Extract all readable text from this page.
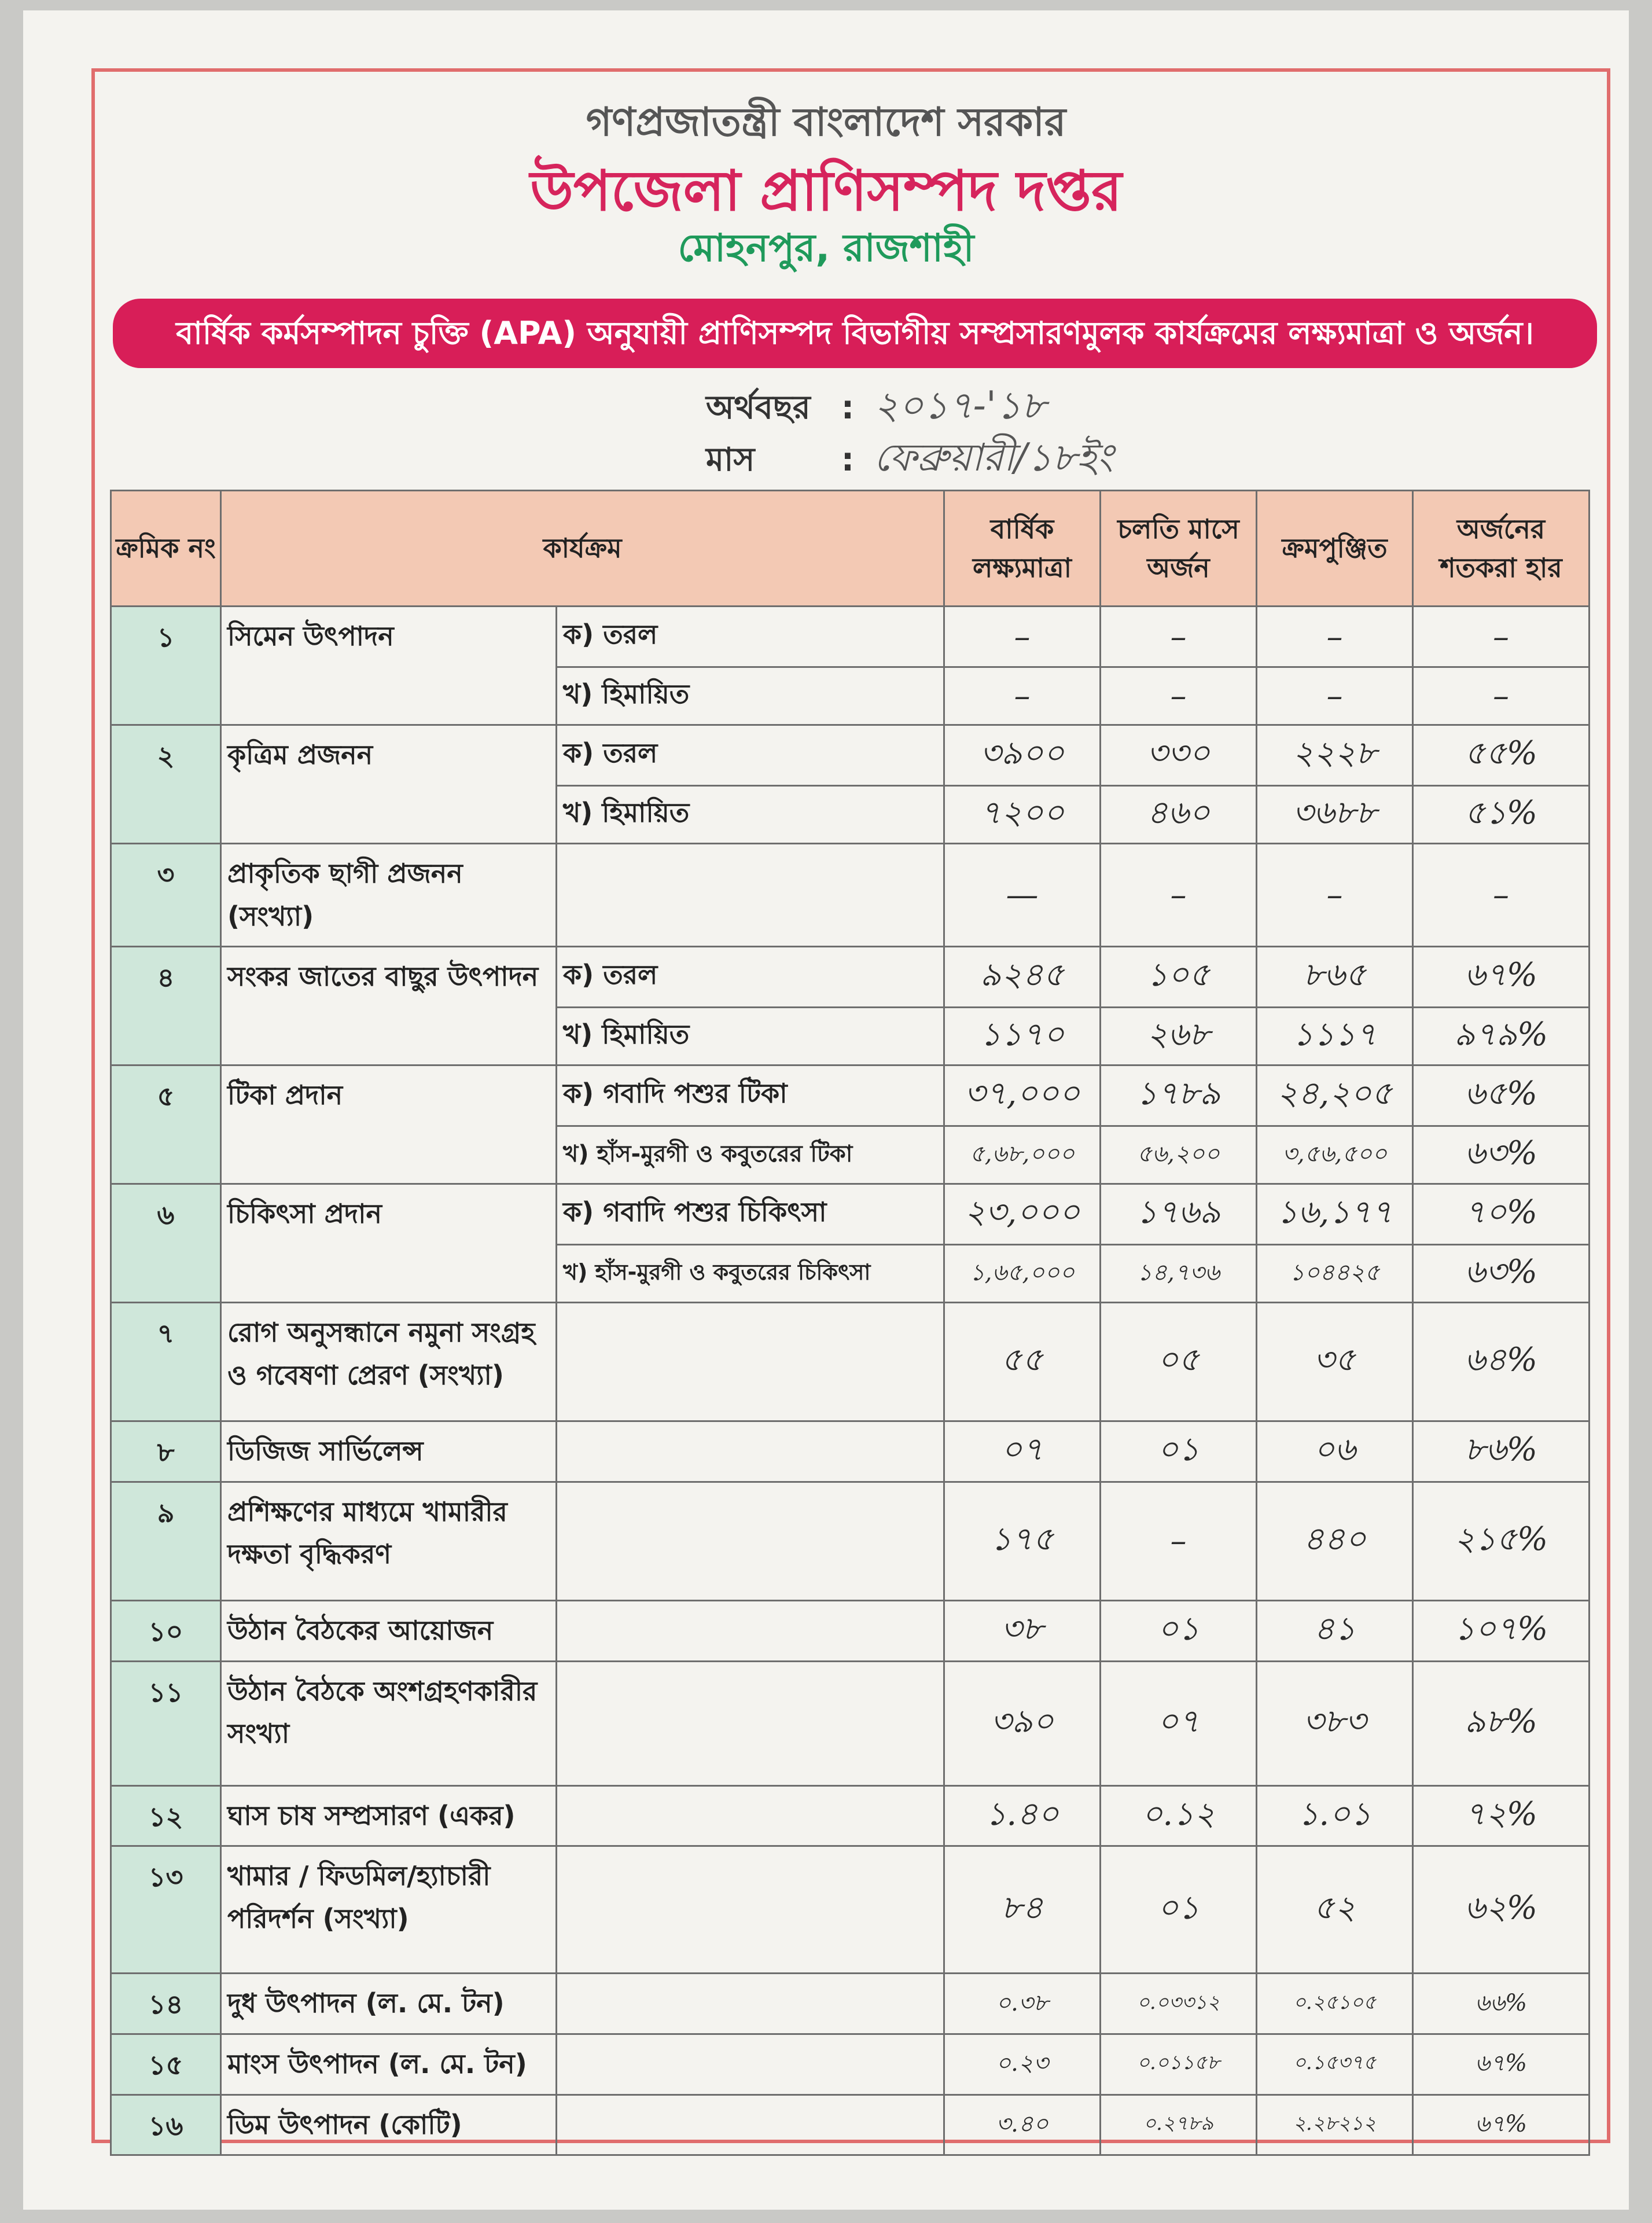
গণপ্রজাতন্ত্রী বাংলাদেশ সরকার
উপজেলা প্রাণিসম্পদ দপ্তর
মোহনপুর, রাজশাহী
বার্ষিক কর্মসম্পাদন চুক্তি (APA) অনুযায়ী প্রাণিসম্পদ বিভাগীয় সম্প্রসারণমুলক কার্যক্রমের লক্ষ্যমাত্রা ও অর্জন।
অর্থবছর : ২০১৭-'১৮
মাস	: ফেব্রুয়ারী/১৮ইং
ক্রমিক নং	কার্যক্রম		বার্ষিক লক্ষ্যমাত্রা	চলতি মাসে অর্জন	ক্রমপুঞ্জিত	অর্জনের শতকরা হার
১	সিমেন উৎপাদন	ক) তরল	–	–	–	–
		খ) হিমায়িত	–	–	–	–
২	কৃত্রিম প্রজনন	ক) তরল	৩৯০০	৩৩০	২২২৮	৫৫%
		খ) হিমায়িত	৭২০০	৪৬০	৩৬৮৮	৫১%
৩	প্রাকৃতিক ছাগী প্রজনন (সংখ্যা)		—	–	–	–
৪	সংকর জাতের বাছুর উৎপাদন	ক) তরল	৯২৪৫	১০৫	৮৬৫	৬৭%
		খ) হিমায়িত	১১৭০	২৬৮	১১১৭	৯৭৯%
৫	টিকা প্রদান	ক) গবাদি পশুর টিকা	৩৭,০০০	১৭৮৯	২৪,২০৫	৬৫%
		খ) হাঁস-মুরগী ও কবুতরের টিকা	৫,৬৮,০০০	৫৬,২০০	৩,৫৬,৫০০	৬৩%
৬	চিকিৎসা প্রদান	ক) গবাদি পশুর চিকিৎসা	২৩,০০০	১৭৬৯	১৬,১৭৭	৭০%
		খ) হাঁস-মুরগী ও কবুতরের চিকিৎসা	১,৬৫,০০০	১৪,৭৩৬	১০৪৪২৫	৬৩%
৭	রোগ অনুসন্ধানে নমুনা সংগ্রহ ও গবেষণা প্রেরণ (সংখ্যা)		৫৫	০৫	৩৫	৬৪%
৮	ডিজিজ সার্ভিলেন্স		০৭	০১	০৬	৮৬%
৯	প্রশিক্ষণের মাধ্যমে খামারীর দক্ষতা বৃদ্ধিকরণ		১৭৫	–	৪৪০	২১৫%
১০	উঠান বৈঠকের আয়োজন		৩৮	০১	৪১	১০৭%
১১	উঠান বৈঠকে অংশগ্রহণকারীর সংখ্যা		৩৯০	০৭	৩৮৩	৯৮%
১২	ঘাস চাষ সম্প্রসারণ (একর)		১.৪০	০.১২	১.০১	৭২%
১৩	খামার / ফিডমিল/হ্যাচারী পরিদর্শন (সংখ্যা)		৮৪	০১	৫২	৬২%
১৪	দুধ উৎপাদন (ল. মে. টন)		০.৩৮	০.০৩৩১২	০.২৫১০৫	৬৬%
১৫	মাংস উৎপাদন (ল. মে. টন)		০.২৩	০.০১১৫৮	০.১৫৩৭৫	৬৭%
১৬	ডিম উৎপাদন (কোটি)		৩.৪০	০.২৭৮৯	২.২৮২১২	৬৭%
